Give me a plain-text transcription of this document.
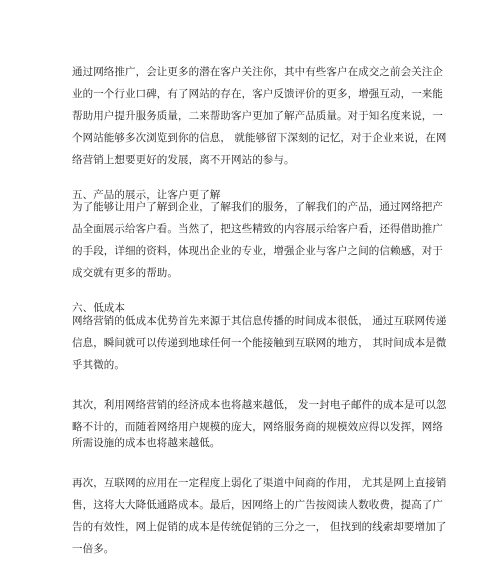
通过网络推广，会让更多的潜在客户关注你，其中有些客户在成交之前会关注企
业的一个行业口碑，有了网站的存在，客户反馈评价的更多，增强互动，一来能
帮助用户提升服务质量，二来帮助客户更加了解产品质量。对于知名度来说，一
个网站能够多次浏览到你的信息， 就能够留下深刻的记忆，对于企业来说，在网
络营销上想要更好的发展，离不开网站的参与。
五、产品的展示，让客户更了解
为了能够让用户了解到企业，了解我们的服务，了解我们的产品，通过网络把产
品全面展示给客户看。当然了，把这些精致的内容展示给客户看，还得借助推广
的手段，详细的资料，体现出企业的专业，增强企业与客户之间的信赖感，对于
成交就有更多的帮助。
六、低成本
网络营销的低成本优势首先来源于其信息传播的时间成本很低， 通过互联网传递
信息，瞬间就可以传递到地球任何一个能接触到互联网的地方， 其时间成本是微
乎其微的。
其次，利用网络营销的经济成本也将越来越低， 发一封电子邮件的成本是可以忽
略不计的，而随着网络用户规模的庞大，网络服务商的规模效应得以发挥，网络
所需设施的成本也将越来越低。
再次，互联网的应用在一定程度上弱化了渠道中间商的作用， 尤其是网上直接销
售，这将大大降低通路成本。最后，因网络上的广告按阅读人数收费，提高了广
告的有效性，网上促销的成本是传统促销的三分之一， 但找到的线索却要增加了
一倍多。
